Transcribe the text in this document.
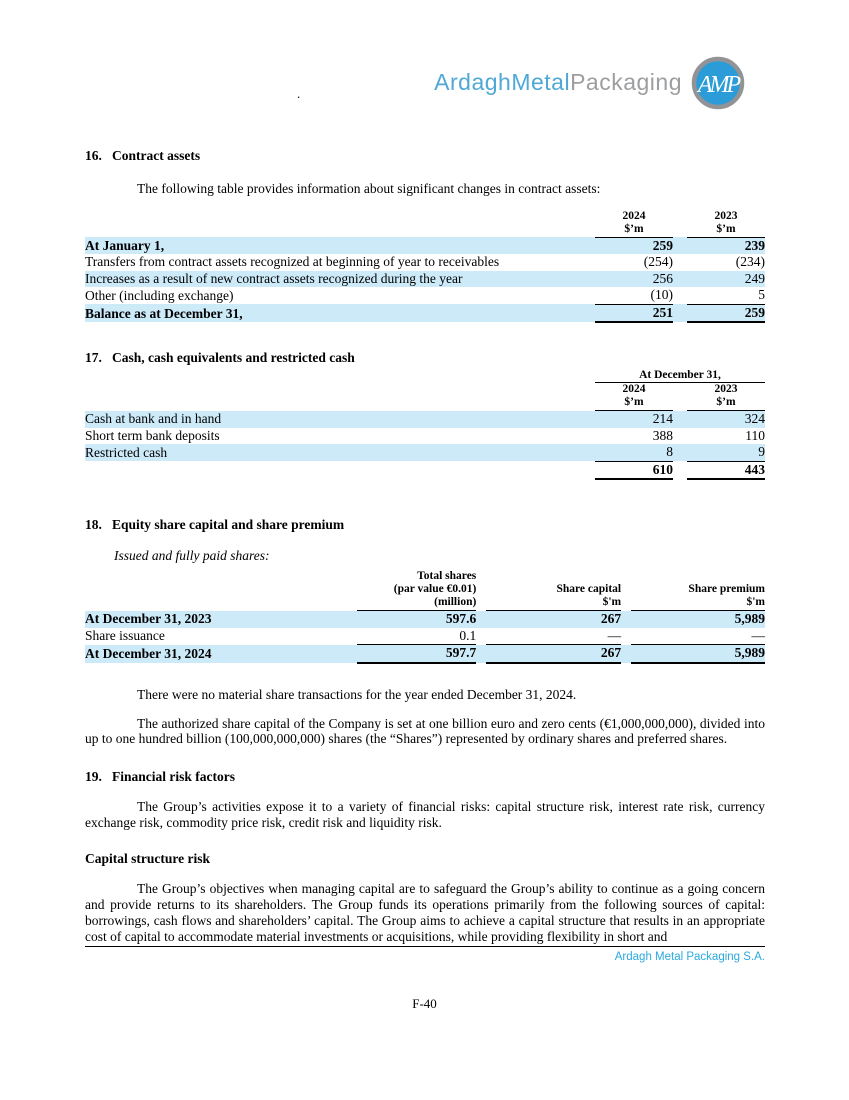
ArdaghMetalPackaging AMP
.
16. Contract assets
The following table provides information about significant changes in contract assets:

2024
$’m

2023
$’m

At January 1,	259		239
Transfers from contract assets recognized at beginning of year to receivables	(254)		(234)
Increases as a result of new contract assets recognized during the year	256		249
Other (including exchange)	(10)		5
Balance as at December 31,	251		259
17. Cash, cash equivalents and restricted cash
	At December 31,		

2024
$’m

2023
$’m

Cash at bank and in hand	214		324
Short term bank deposits	388		110
Restricted cash	8		9
	610		443
18. Equity share capital and share premium
Issued and fully paid shares:

Total shares
(par value €0.01)
(million)

Share capital
$'m

Share premium
$'m

At December 31, 2023	597.6		267		5,989
Share issuance	0.1		—		—
At December 31, 2024	597.7		267		5,989
There were no material share transactions for the year ended December 31, 2024.
The authorized share capital of the Company is set at one billion euro and zero cents (€1,000,000,000), divided into up to one hundred billion (100,000,000,000) shares (the “Shares”) represented by ordinary shares and preferred shares.
19. Financial risk factors
The Group’s activities expose it to a variety of financial risks: capital structure risk, interest rate risk, currency exchange risk, commodity price risk, credit risk and liquidity risk.
Capital structure risk
The Group’s objectives when managing capital are to safeguard the Group’s ability to continue as a going concern and provide returns to its shareholders. The Group funds its operations primarily from the following sources of capital: borrowings, cash flows and shareholders’ capital. The Group aims to achieve a capital structure that results in an appropriate cost of capital to accommodate material investments or acquisitions, while providing flexibility in short and
Ardagh Metal Packaging S.A.
F-40
